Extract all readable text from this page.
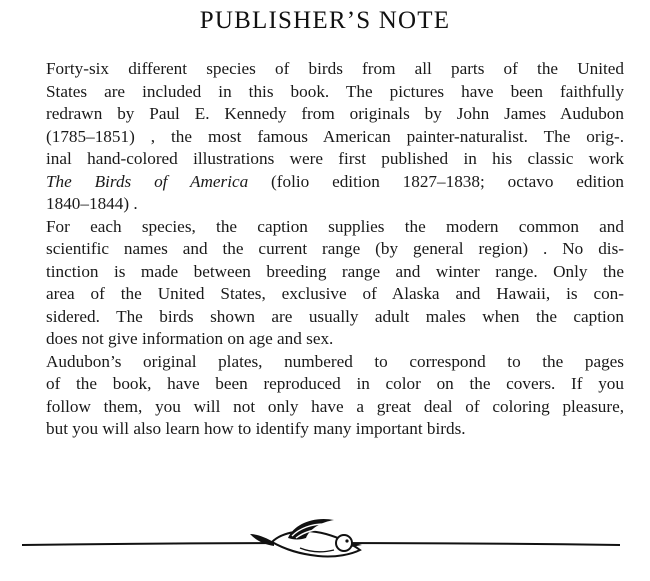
PUBLISHER’S NOTE

Forty-six different species of birds from all parts of the United
States are included in this book. The pictures have been faithfully
redrawn by Paul E. Kennedy from originals by John James Audubon
(1785–1851) , the most famous American painter-naturalist. The orig-.
inal hand-colored illustrations were first published in his classic work
The Birds of America (folio edition 1827–1838; octavo edition
1840–1844) .

For each species, the caption supplies the modern common and
scientific names and the current range (by general region) . No dis-
tinction is made between breeding range and winter range. Only the
area of the United States, exclusive of Alaska and Hawaii, is con-
sidered. The birds shown are usually adult males when the caption
does not give information on age and sex.

Audubon’s original plates, numbered to correspond to the pages
of the book, have been reproduced in color on the covers. If you
follow them, you will not only have a great deal of coloring pleasure,
but you will also learn how to identify many important birds.
